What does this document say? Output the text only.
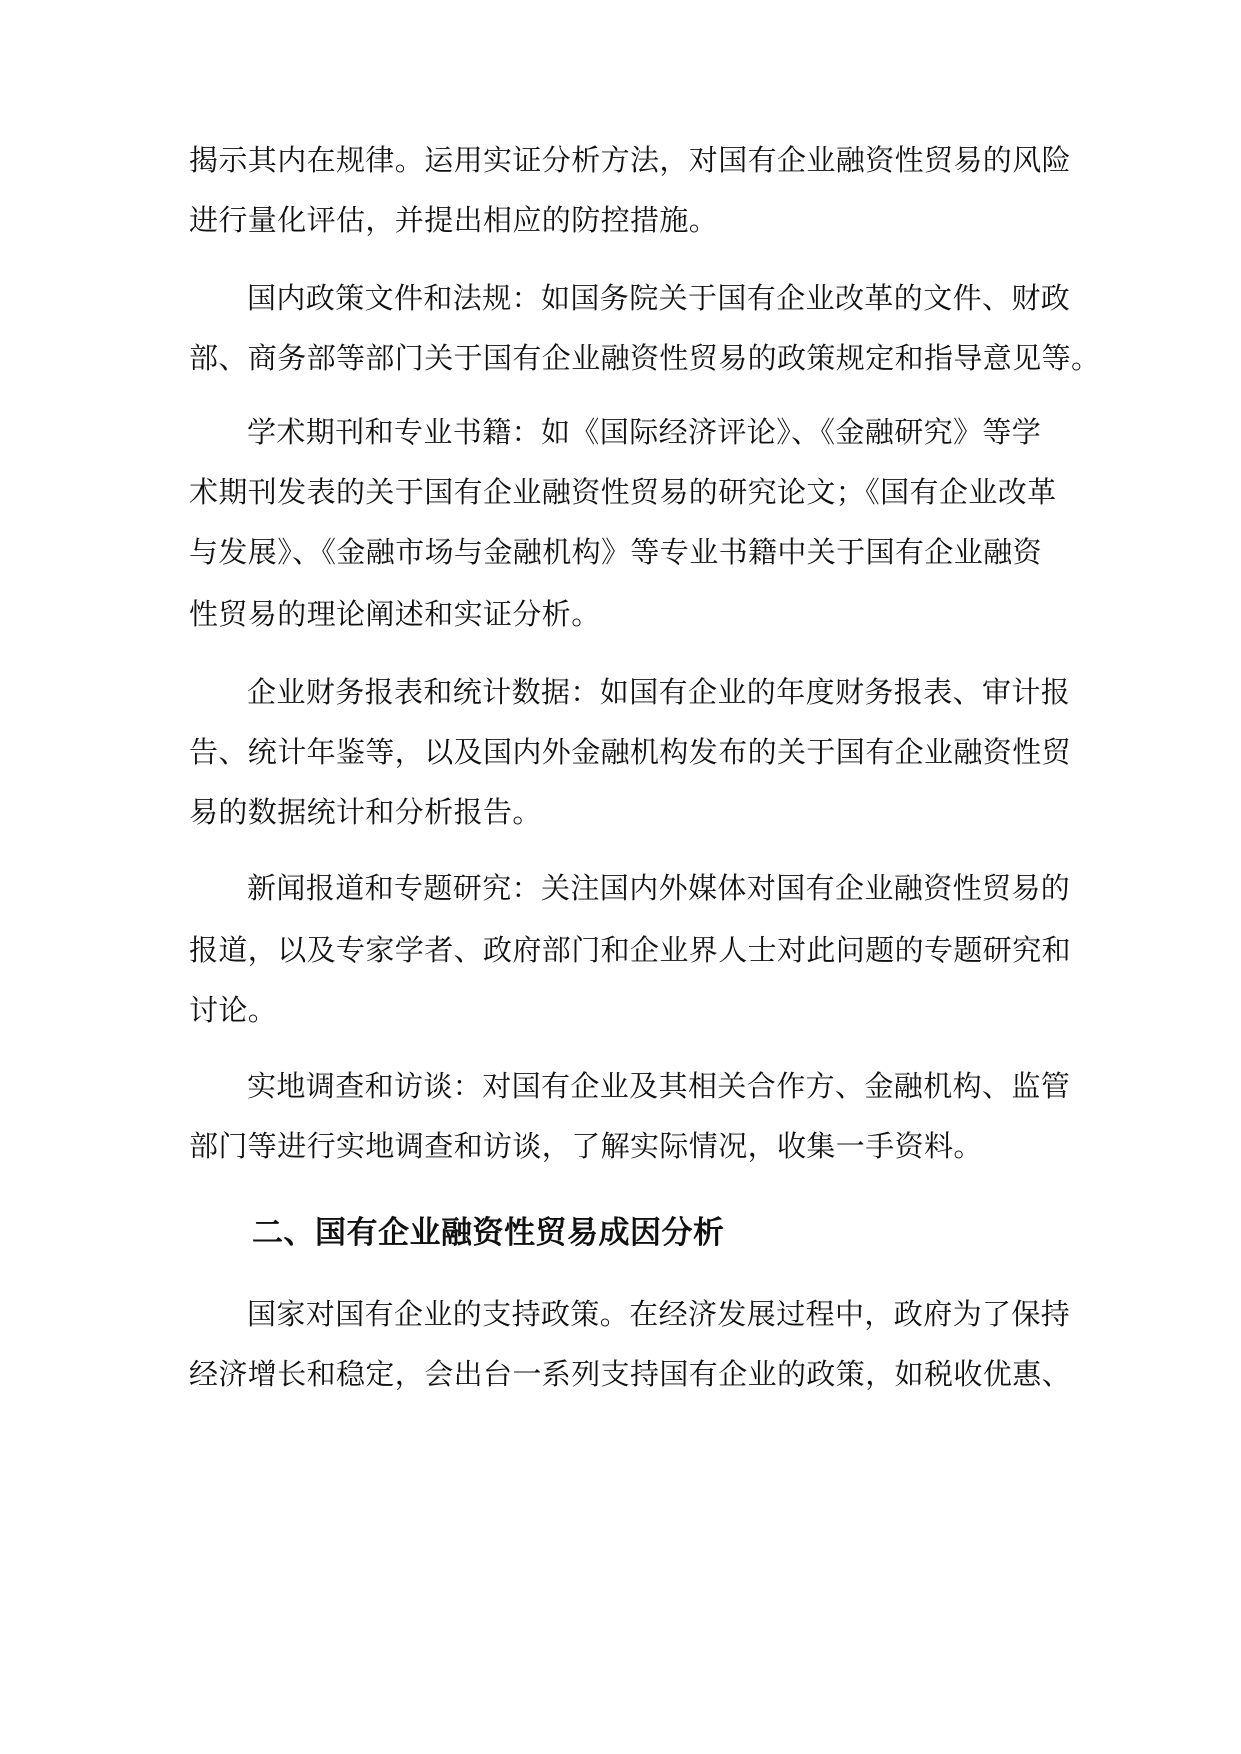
揭示其内在规律。运用实证分析方法，对国有企业融资性贸易的风险
进行量化评估，并提出相应的防控措施。
国内政策文件和法规：如国务院关于国有企业改革的文件、财政
部、商务部等部门关于国有企业融资性贸易的政策规定和指导意见等。
学术期刊和专业书籍：如《国际经济评论》、《金融研究》等学
术期刊发表的关于国有企业融资性贸易的研究论文；《国有企业改革
与发展》、《金融市场与金融机构》等专业书籍中关于国有企业融资
性贸易的理论阐述和实证分析。
企业财务报表和统计数据：如国有企业的年度财务报表、审计报
告、统计年鉴等，以及国内外金融机构发布的关于国有企业融资性贸
易的数据统计和分析报告。
新闻报道和专题研究：关注国内外媒体对国有企业融资性贸易的
报道，以及专家学者、政府部门和企业界人士对此问题的专题研究和
讨论。
实地调查和访谈：对国有企业及其相关合作方、金融机构、监管
部门等进行实地调查和访谈，了解实际情况，收集一手资料。
二、国有企业融资性贸易成因分析
国家对国有企业的支持政策。在经济发展过程中，政府为了保持
经济增长和稳定，会出台一系列支持国有企业的政策，如税收优惠、
